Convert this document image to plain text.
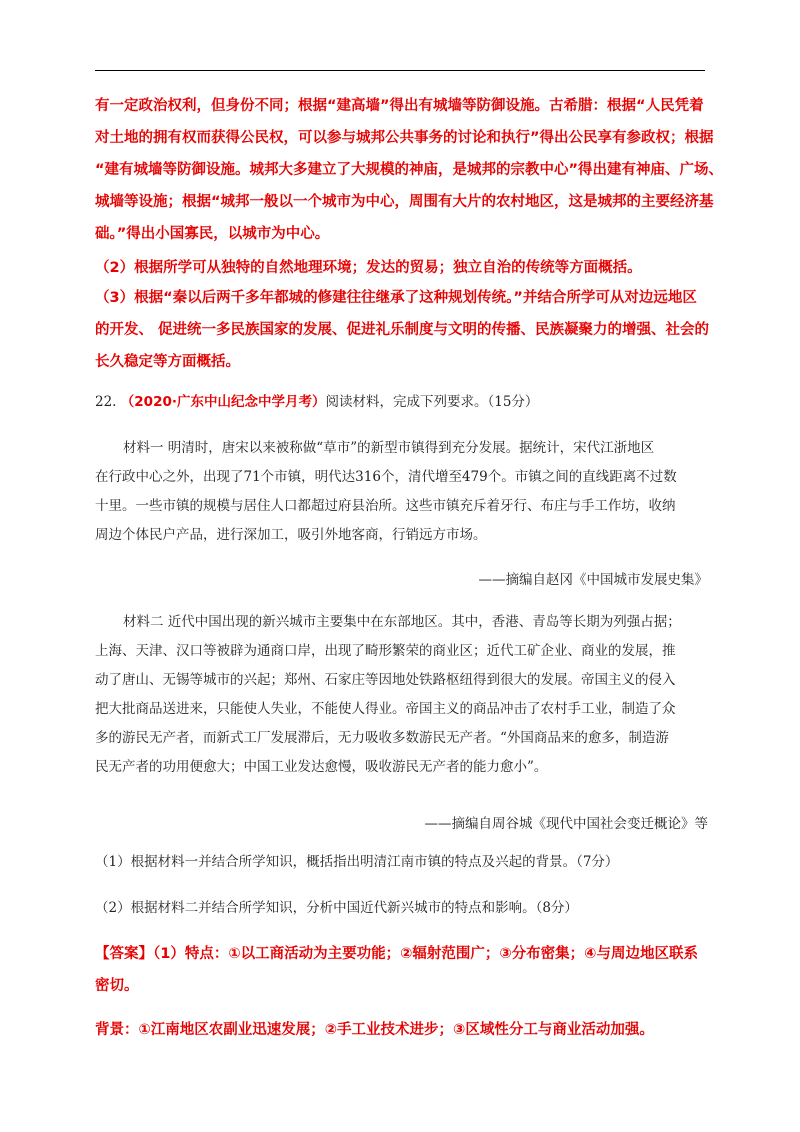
有一定政治权利，但身份不同；根据“建高墙”得出有城墙等防御设施。古希腊：根据“人民凭着
对土地的拥有权而获得公民权，可以参与城邦公共事务的讨论和执行”得出公民享有参政权；根据
“建有城墙等防御设施。城邦大多建立了大规模的神庙，是城邦的宗教中心”得出建有神庙、广场、
城墙等设施；根据“城邦一般以一个城市为中心，周围有大片的农村地区，这是城邦的主要经济基
础。”得出小国寡民，以城市为中心。
（2）根据所学可从独特的自然地理环境；发达的贸易；独立自治的传统等方面概括。
（3）根据“秦以后两千多年都城的修建往往继承了这种规划传统。”并结合所学可从对边远地区
的开发、 促进统一多民族国家的发展、促进礼乐制度与文明的传播、民族凝聚力的增强、社会的
长久稳定等方面概括。
22. （2020·广东中山纪念中学月考）阅读材料，完成下列要求。（15分）
材料一 明清时，唐宋以来被称做“草市”的新型市镇得到充分发展。据统计，宋代江浙地区
在行政中心之外，出现了71个市镇，明代达316个，清代增至479个。市镇之间的直线距离不过数
十里。一些市镇的规模与居住人口都超过府县治所。这些市镇充斥着牙行、布庄与手工作坊，收纳
周边个体民户产品，进行深加工，吸引外地客商，行销远方市场。
——摘编自赵冈《中国城市发展史集》
材料二 近代中国出现的新兴城市主要集中在东部地区。其中，香港、青岛等长期为列强占据；
上海、天津、汉口等被辟为通商口岸，出现了畸形繁荣的商业区；近代工矿企业、商业的发展，推
动了唐山、无锡等城市的兴起；郑州、石家庄等因地处铁路枢纽得到很大的发展。帝国主义的侵入
把大批商品送进来，只能使人失业，不能使人得业。帝国主义的商品冲击了农村手工业，制造了众
多的游民无产者，而新式工厂发展滞后，无力吸收多数游民无产者。“外国商品来的愈多，制造游
民无产者的功用便愈大；中国工业发达愈慢，吸收游民无产者的能力愈小”。
——摘编自周谷城《现代中国社会变迁概论》等
（1）根据材料一并结合所学知识，概括指出明清江南市镇的特点及兴起的背景。（7分）
（2）根据材料二并结合所学知识，分析中国近代新兴城市的特点和影响。（8分）
【答案】（1）特点：①以工商活动为主要功能；②辐射范围广；③分布密集；④与周边地区联系
密切。
背景：①江南地区农副业迅速发展；②手工业技术进步；③区域性分工与商业活动加强。
